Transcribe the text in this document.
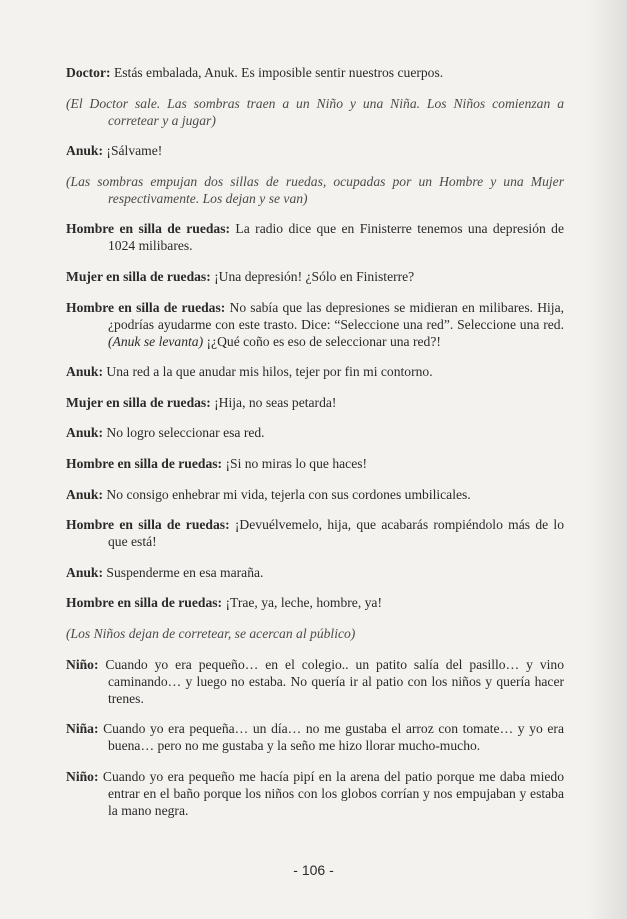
Doctor: Estás embalada, Anuk. Es imposible sentir nuestros cuerpos.

(El Doctor sale. Las sombras traen a un Niño y una Niña. Los Niños comienzan a corretear y a jugar)

Anuk: ¡Sálvame!

(Las sombras empujan dos sillas de ruedas, ocupadas por un Hombre y una Mujer respectivamente. Los dejan y se van)

Hombre en silla de ruedas: La radio dice que en Finisterre tenemos una depresión de 1024 milibares.

Mujer en silla de ruedas: ¡Una depresión! ¿Sólo en Finisterre?

Hombre en silla de ruedas: No sabía que las depresiones se midieran en milibares. Hija, ¿podrías ayudarme con este trasto. Dice: “Seleccione una red”. Seleccione una red. (Anuk se levanta) ¡¿Qué coño es eso de seleccionar una red?!

Anuk: Una red a la que anudar mis hilos, tejer por fin mi contorno.

Mujer en silla de ruedas: ¡Hija, no seas petarda!

Anuk: No logro seleccionar esa red.

Hombre en silla de ruedas: ¡Si no miras lo que haces!

Anuk: No consigo enhebrar mi vida, tejerla con sus cordones umbilicales.

Hombre en silla de ruedas: ¡Devuélvemelo, hija, que acabarás rompiéndolo más de lo que está!

Anuk: Suspenderme en esa maraña.

Hombre en silla de ruedas: ¡Trae, ya, leche, hombre, ya!

(Los Niños dejan de corretear, se acercan al público)

Niño: Cuando yo era pequeño… en el colegio.. un patito salía del pasillo… y vino caminando… y luego no estaba. No quería ir al patio con los niños y quería hacer trenes.

Niña: Cuando yo era pequeña… un día… no me gustaba el arroz con tomate… y yo era buena… pero no me gustaba y la seño me hizo llorar mucho-mucho.

Niño: Cuando yo era pequeño me hacía pipí en la arena del patio porque me daba miedo entrar en el baño porque los niños con los globos corrían y nos empujaban y estaba la mano negra.

- 106 -
